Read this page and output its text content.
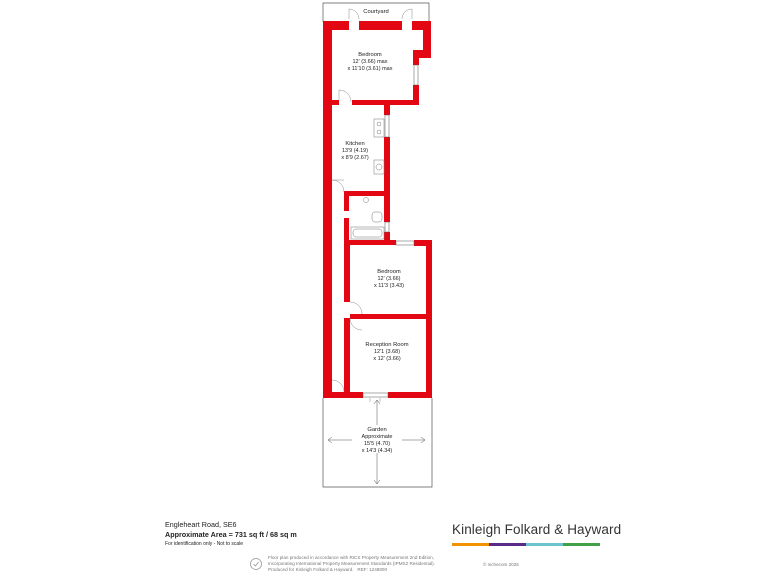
Courtyard
Bedroom
12' (3.66) max
x 11'10 (3.61) max
Kitchen
13'9 (4.19)
x 8'9 (2.67)
Bedroom
12' (3.66)
x 11'3 (3.43)
Reception Room
12'1 (3.68)
x 12' (3.66)
Garden
Approximate
15'5 (4.70)
x 14'3 (4.34)
Engleheart Road, SE6
Approximate Area = 731 sq ft / 68 sq m
For identification only - Not to scale
Kinleigh Folkard & Hayward
Floor plan produced in accordance with RICS Property Measurement 2nd Edition,
Incorporating International Property Measurement Standards (IPMS2 Residential).
Produced for Kinleigh Folkard & Hayward. REF: 1248800
© nichecom 2025
